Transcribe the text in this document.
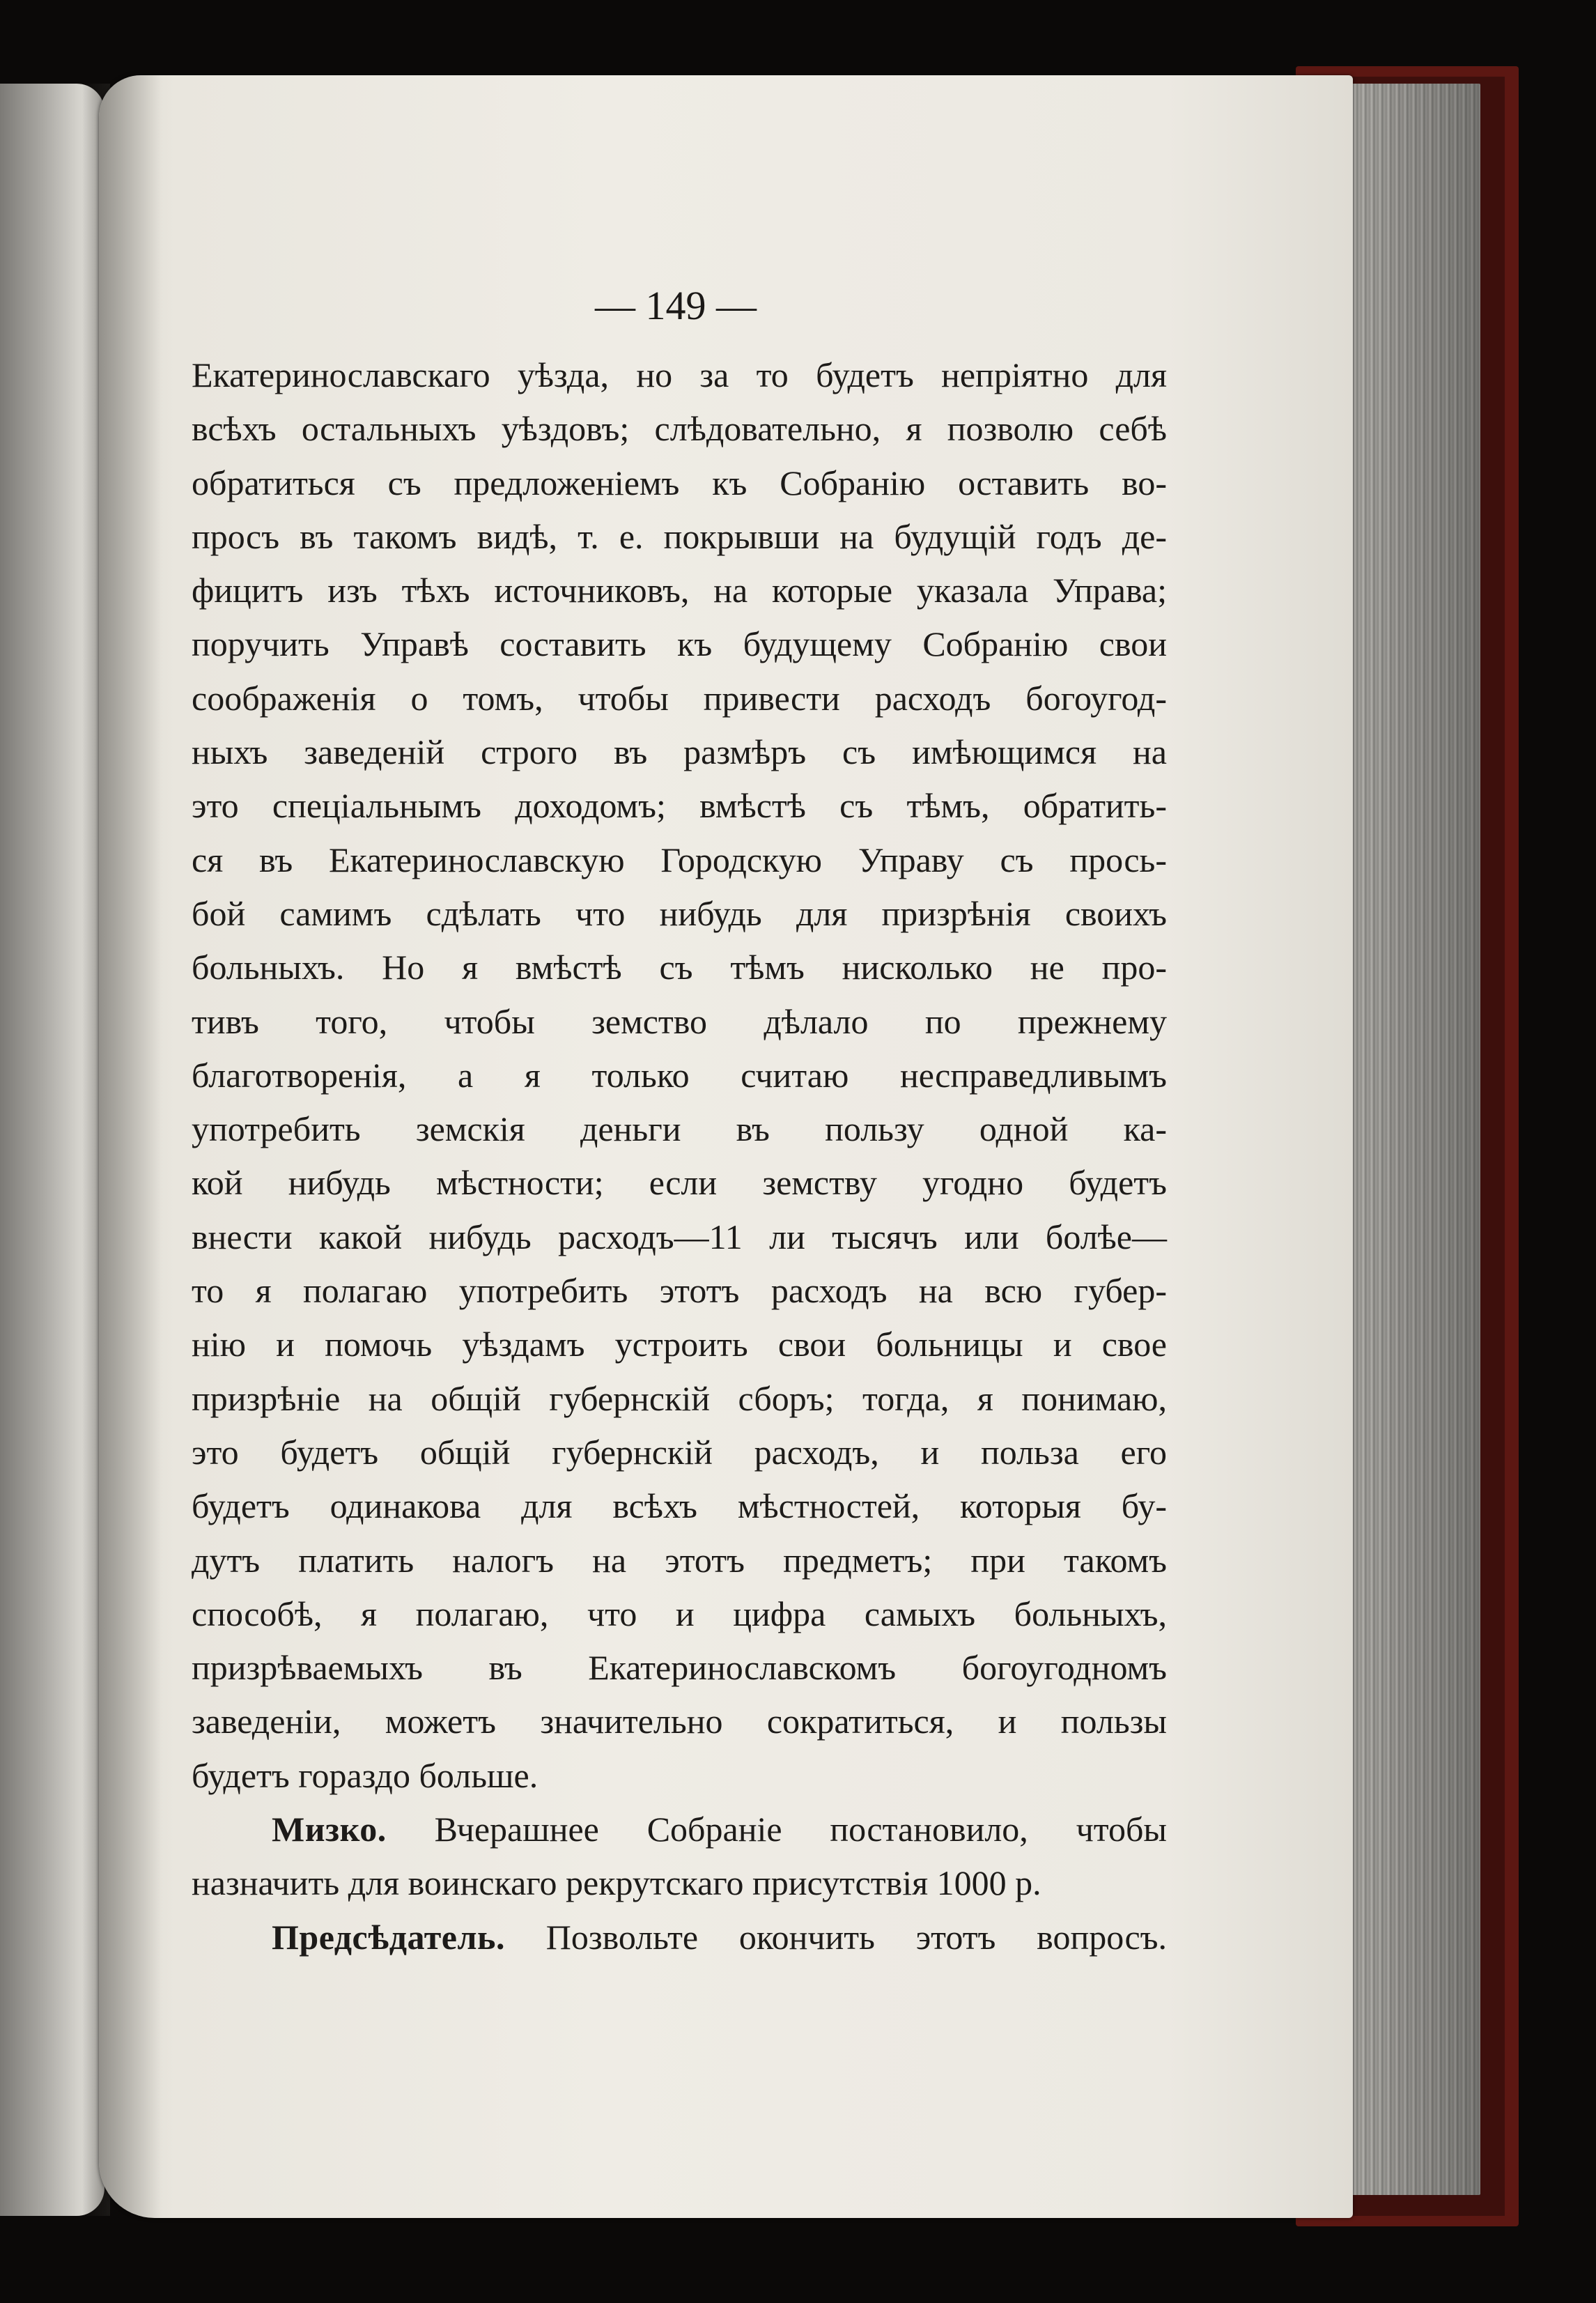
— 149 —
Екатеринославскаго уѣзда, но за то будетъ непріятно для
всѣхъ остальныхъ уѣздовъ; слѣдовательно, я позволю себѣ
обратиться съ предложеніемъ къ Собранію оставить во-
просъ въ такомъ видѣ, т. е. покрывши на будущій годъ де-
фицитъ изъ тѣхъ источниковъ, на которые указала Управа;
поручить Управѣ составить къ будущему Собранію свои
соображенія о томъ, чтобы привести расходъ богоугод-
ныхъ заведеній строго въ размѣръ съ имѣющимся на
это спеціальнымъ доходомъ; вмѣстѣ съ тѣмъ, обратить-
ся въ Екатеринославскую Городскую Управу съ прось-
бой самимъ сдѣлать что нибудь для призрѣнія своихъ
больныхъ. Но я вмѣстѣ съ тѣмъ нисколько не про-
тивъ того, чтобы земство дѣлало по прежнему
благотворенія, а я только считаю несправедливымъ
употребить земскія деньги въ пользу одной ка-
кой нибудь мѣстности; если земству угодно будетъ
внести какой нибудь расходъ—11 ли тысячъ или болѣе—
то я полагаю употребить этотъ расходъ на всю губер-
нію и помочь уѣздамъ устроить свои больницы и свое
призрѣніе на общій губернскій сборъ; тогда, я понимаю,
это будетъ общій губернскій расходъ, и польза его
будетъ одинакова для всѣхъ мѣстностей, которыя бу-
дутъ платить налогъ на этотъ предметъ; при такомъ
способѣ, я полагаю, что и цифра самыхъ больныхъ,
призрѣваемыхъ въ Екатеринославскомъ богоугодномъ
заведеніи, можетъ значительно сократиться, и пользы
будетъ гораздо больше.
Мизко. Вчерашнее Собраніе постановило, чтобы
назначить для воинскаго рекрутскаго присутствія 1000 р.
Предсѣдатель. Позвольте окончить этотъ вопросъ.
